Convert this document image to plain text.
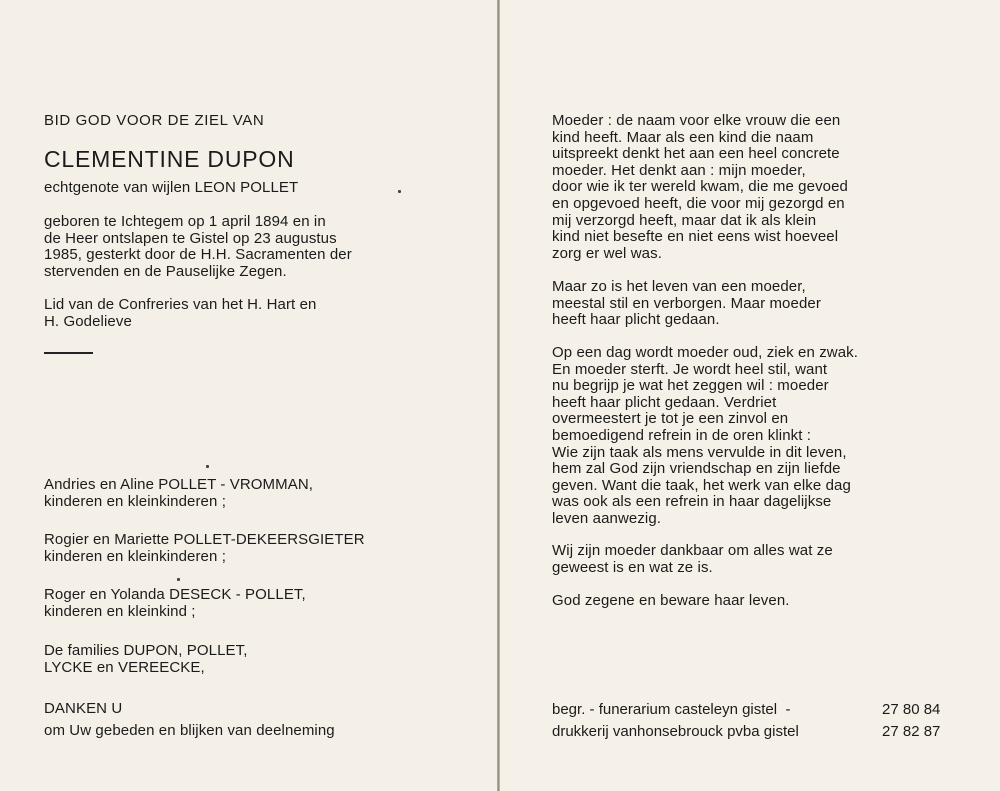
BID GOD VOOR DE ZIEL VAN
CLEMENTINE DUPON
echtgenote van wijlen LEON POLLET
geboren te Ichtegem op 1 april 1894 en in
de Heer ontslapen te Gistel op 23 augustus
1985, gesterkt door de H.H. Sacramenten der
stervenden en de Pauselijke Zegen.
Lid van de Confreries van het H. Hart en
H. Godelieve
Andries en Aline POLLET - VROMMAN,
kinderen en kleinkinderen ;
Rogier en Mariette POLLET-DEKEERSGIETER
kinderen en kleinkinderen ;
Roger en Yolanda DESECK - POLLET,
kinderen en kleinkind ;
De families DUPON, POLLET,
LYCKE en VEREECKE,
DANKEN U
om Uw gebeden en blijken van deelneming
Moeder : de naam voor elke vrouw die een
kind heeft. Maar als een kind die naam
uitspreekt denkt het aan een heel concrete
moeder. Het denkt aan : mijn moeder,
door wie ik ter wereld kwam, die me gevoed
en opgevoed heeft, die voor mij gezorgd en
mij verzorgd heeft, maar dat ik als klein
kind niet besefte en niet eens wist hoeveel
zorg er wel was.
Maar zo is het leven van een moeder,
meestal stil en verborgen. Maar moeder
heeft haar plicht gedaan.
Op een dag wordt moeder oud, ziek en zwak.
En moeder sterft. Je wordt heel stil, want
nu begrijp je wat het zeggen wil : moeder
heeft haar plicht gedaan. Verdriet
overmeestert je tot je een zinvol en
bemoedigend refrein in de oren klinkt :
Wie zijn taak als mens vervulde in dit leven,
hem zal God zijn vriendschap en zijn liefde
geven. Want die taak, het werk van elke dag
was ook als een refrein in haar dagelijkse
leven aanwezig.
Wij zijn moeder dankbaar om alles wat ze
geweest is en wat ze is.
God zegene en beware haar leven.
begr. - funerarium casteleyn gistel  -	27 80 84
drukkerij vanhonsebrouck pvba gistel	27 82 87
